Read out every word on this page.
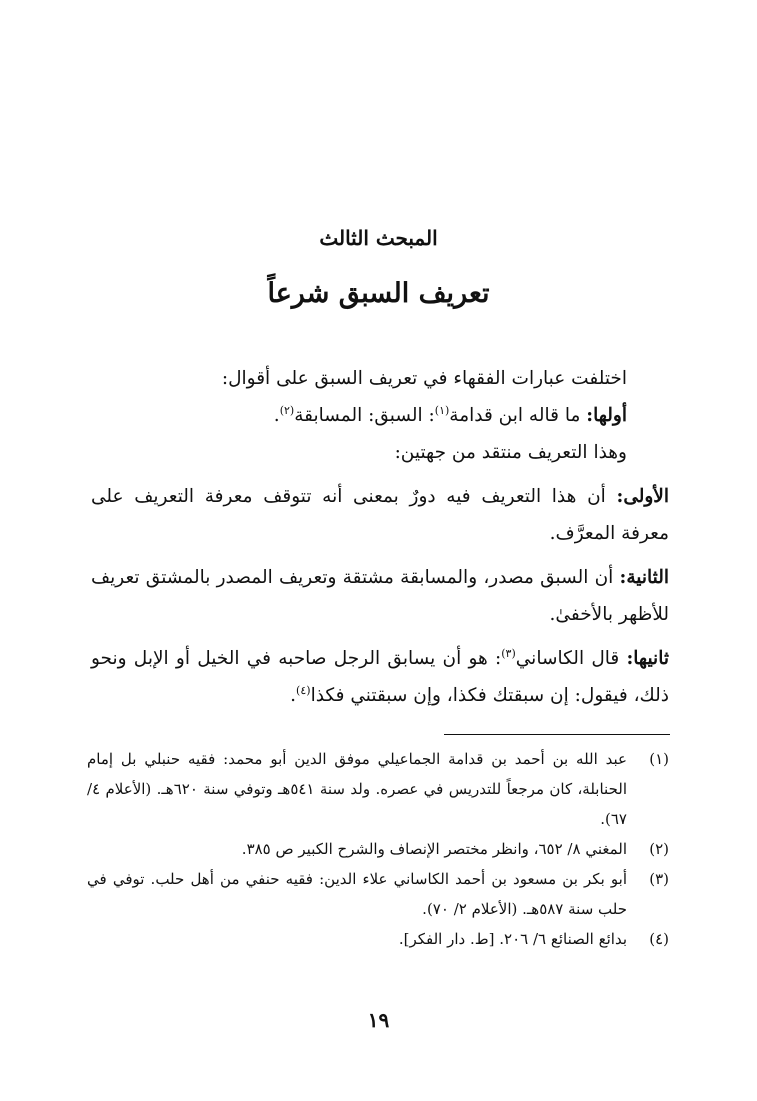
المبحث الثالث
تعريف السبق شرعاً

اختلفت عبارات الفقهاء في تعريف السبق على أقوال:

أولها: ما قاله ابن قدامة$^{(١)}$: السبق: المسابقة$^{(٢)}$.

وهذا التعريف منتقد من جهتين:

الأولى: أن هذا التعريف فيه دورٌ بمعنى أنه تتوقف معرفة التعريف على معرفة المعرَّف.

الثانية: أن السبق مصدر، والمسابقة مشتقة وتعريف المصدر بالمشتق تعريف للأظهر بالأخفىٰ.

ثانيها: قال الكاساني$^{(٣)}$: هو أن يسابق الرجل صاحبه في الخيل أو الإبل ونحو ذلك، فيقول: إن سبقتك فكذا، وإن سبقتني فكذا$^{(٤)}$.

(١)
عبد الله بن أحمد بن قدامة الجماعيلي موفق الدين أبو محمد: فقيه حنبلي بل إمام الحنابلة، كان مرجعاً للتدريس في عصره. ولد سنة ٥٤١هـ وتوفي سنة ٦٢٠هـ. (الأعلام ٤/ ٦٧).
(٢)
المغني ٨/ ٦٥٢، وانظر مختصر الإنصاف والشرح الكبير ص ٣٨٥.
(٣)
أبو بكر بن مسعود بن أحمد الكاساني علاء الدين: فقيه حنفي من أهل حلب. توفي في حلب سنة ٥٨٧هـ. (الأعلام ٢/ ٧٠).
(٤)
بدائع الصنائع ٦/ ٢٠٦. [ط. دار الفكر].
١٩
